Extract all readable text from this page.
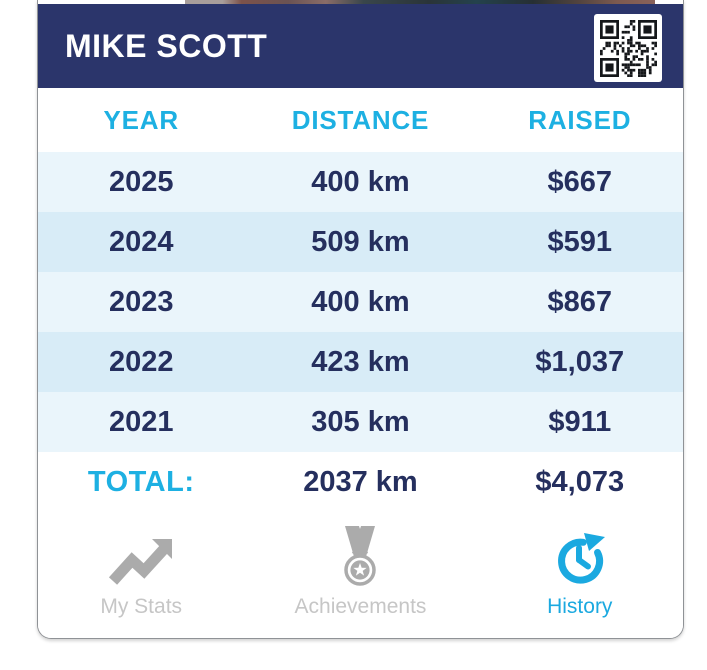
MIKE SCOTT
YEAR	DISTANCE	RAISED
2025	400 km	$667
2024	509 km	$591
2023	400 km	$867
2022	423 km	$1,037
2021	305 km	$911
TOTAL:	2037 km	$4,073
My Stats	Achievements	History
